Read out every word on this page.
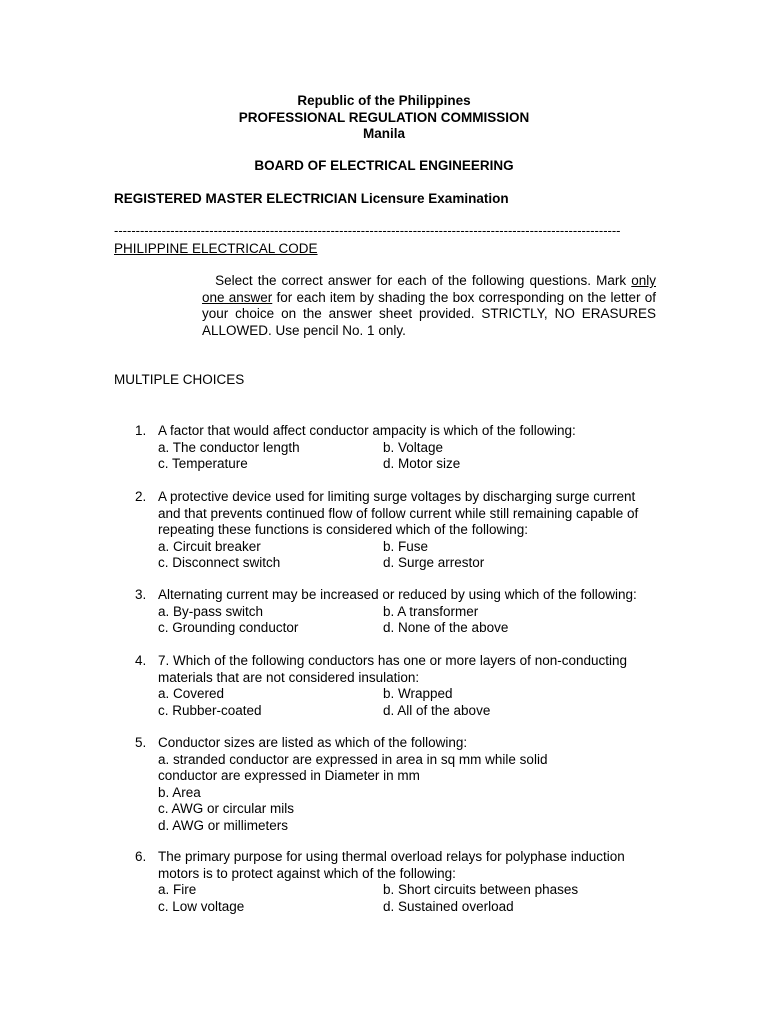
Republic of the Philippines
PROFESSIONAL REGULATION COMMISSION
Manila
BOARD OF ELECTRICAL ENGINEERING
REGISTERED MASTER ELECTRICIAN Licensure Examination
---------------------------------------------------------------------------------------------------------------------
PHILIPPINE ELECTRICAL CODE
Select the correct answer for each of the following questions. Mark only one answer for each item by shading the box corresponding on the letter of your choice on the answer sheet provided. STRICTLY, NO ERASURES ALLOWED. Use pencil No. 1 only.
MULTIPLE CHOICES
1. A factor that would affect conductor ampacity is which of the following:
a. The conductor length	b. Voltage
c. Temperature	d. Motor size
2. A protective device used for limiting surge voltages by discharging surge current and that prevents continued flow of follow current while still remaining capable of repeating these functions is considered which of the following:
a. Circuit breaker	b. Fuse
c. Disconnect switch	d. Surge arrestor
3. Alternating current may be increased or reduced by using which of the following:
a. By-pass switch	b. A transformer
c. Grounding conductor	d. None of the above
4. 7. Which of the following conductors has one or more layers of non-conducting materials that are not considered insulation:
a. Covered	b. Wrapped
c. Rubber-coated	d. All of the above
5. Conductor sizes are listed as which of the following:
a. stranded conductor are expressed in area in sq mm while solid
conductor are expressed in Diameter in mm
b. Area
c. AWG or circular mils
d. AWG or millimeters
6. The primary purpose for using thermal overload relays for polyphase induction motors is to protect against which of the following:
a. Fire	b. Short circuits between phases
c. Low voltage	d. Sustained overload
